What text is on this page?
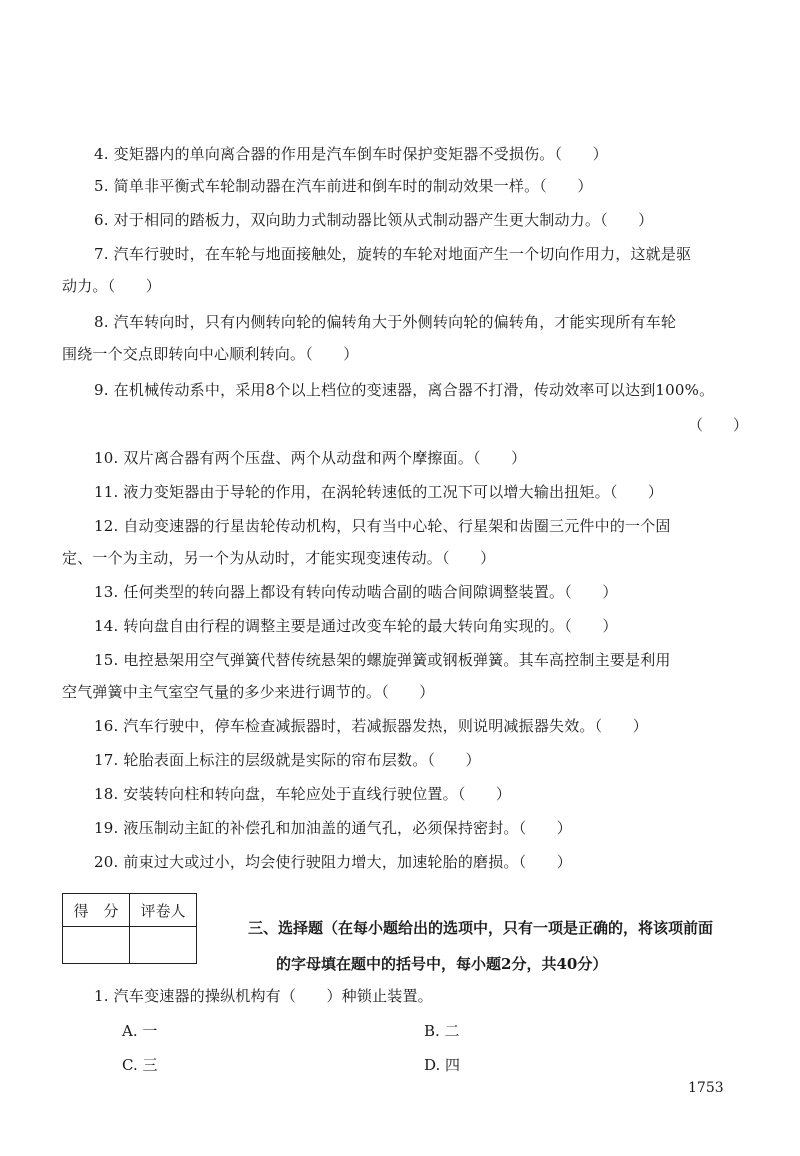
4. 变矩器内的单向离合器的作用是汽车倒车时保护变矩器不受损伤。（　　）

5. 简单非平衡式车轮制动器在汽车前进和倒车时的制动效果一样。（　　）

6. 对于相同的踏板力，双向助力式制动器比领从式制动器产生更大制动力。（　　）

7. 汽车行驶时，在车轮与地面接触处，旋转的车轮对地面产生一个切向作用力，这就是驱
动力。（　　）

8. 汽车转向时，只有内侧转向轮的偏转角大于外侧转向轮的偏转角，才能实现所有车轮
围绕一个交点即转向中心顺利转向。（　　）

9. 在机械传动系中，采用8个以上档位的变速器，离合器不打滑，传动效率可以达到100%。

（　　）

10. 双片离合器有两个压盘、两个从动盘和两个摩擦面。（　　）

11. 液力变矩器由于导轮的作用，在涡轮转速低的工况下可以增大输出扭矩。（　　）

12. 自动变速器的行星齿轮传动机构，只有当中心轮、行星架和齿圈三元件中的一个固
定、一个为主动，另一个为从动时，才能实现变速传动。（　　）

13. 任何类型的转向器上都设有转向传动啮合副的啮合间隙调整装置。（　　）

14. 转向盘自由行程的调整主要是通过改变车轮的最大转向角实现的。（　　）

15. 电控悬架用空气弹簧代替传统悬架的螺旋弹簧或钢板弹簧。其车高控制主要是利用
空气弹簧中主气室空气量的多少来进行调节的。（　　）

16. 汽车行驶中，停车检查减振器时，若减振器发热，则说明减振器失效。（　　）

17. 轮胎表面上标注的层级就是实际的帘布层数。（　　）

18. 安装转向柱和转向盘，车轮应处于直线行驶位置。（　　）

19. 液压制动主缸的补偿孔和加油盖的通气孔，必须保持密封。（　　）

20. 前束过大或过小，均会使行驶阻力增大，加速轮胎的磨损。（　　）

得　分	评卷人

三、选择题（在每小题给出的选项中，只有一项是正确的，将该项前面
的字母填在题中的括号中，每小题2分，共40分）

1. 汽车变速器的操纵机构有（　　）种锁止装置。

A. 一	B. 二
C. 三	D. 四
1753
